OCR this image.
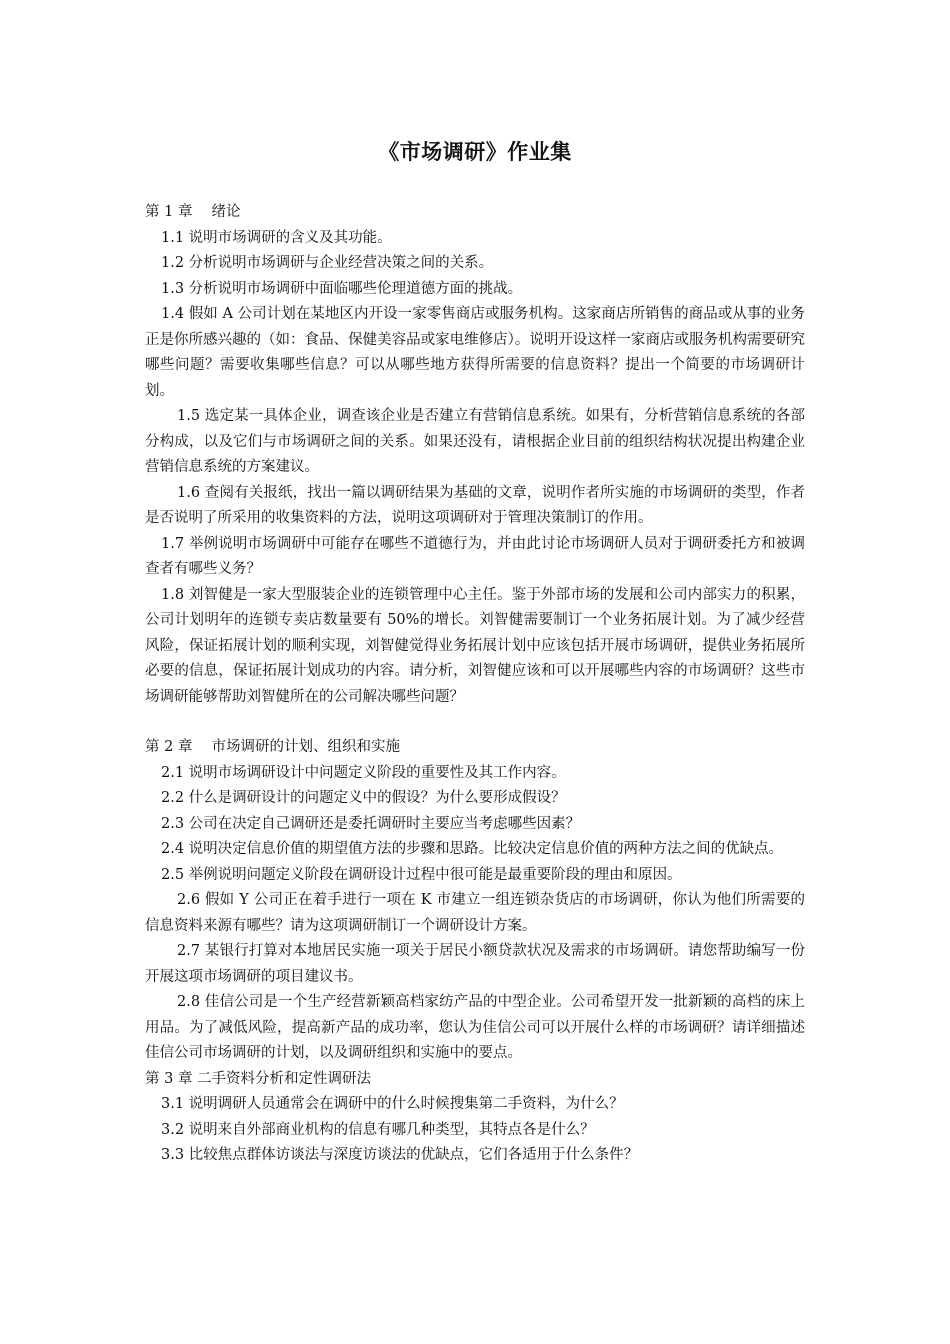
《市场调研》作业集

第 1 章　 绪论

1.1 说明市场调研的含义及其功能。

1.2 分析说明市场调研与企业经营决策之间的关系。

1.3 分析说明市场调研中面临哪些伦理道德方面的挑战。

1.4 假如 A 公司计划在某地区内开设一家零售商店或服务机构。这家商店所销售的商品或从事的业务正是你所感兴趣的（如：食品、保健美容品或家电维修店）。说明开设这样一家商店或服务机构需要研究哪些问题？需要收集哪些信息？可以从哪些地方获得所需要的信息资料？提出一个简要的市场调研计划。

1.5 选定某一具体企业，调查该企业是否建立有营销信息系统。如果有，分析营销信息系统的各部分构成，以及它们与市场调研之间的关系。如果还没有，请根据企业目前的组织结构状况提出构建企业营销信息系统的方案建议。

1.6 查阅有关报纸，找出一篇以调研结果为基础的文章，说明作者所实施的市场调研的类型，作者是否说明了所采用的收集资料的方法，说明这项调研对于管理决策制订的作用。

1.7 举例说明市场调研中可能存在哪些不道德行为，并由此讨论市场调研人员对于调研委托方和被调查者有哪些义务？

1.8 刘智健是一家大型服装企业的连锁管理中心主任。鉴于外部市场的发展和公司内部实力的积累，公司计划明年的连锁专卖店数量要有 50%的增长。刘智健需要制订一个业务拓展计划。为了减少经营风险，保证拓展计划的顺利实现，刘智健觉得业务拓展计划中应该包括开展市场调研，提供业务拓展所必要的信息，保证拓展计划成功的内容。请分析，刘智健应该和可以开展哪些内容的市场调研？这些市场调研能够帮助刘智健所在的公司解决哪些问题？

第 2 章　 市场调研的计划、组织和实施

2.1 说明市场调研设计中问题定义阶段的重要性及其工作内容。

2.2 什么是调研设计的问题定义中的假设？为什么要形成假设？

2.3 公司在决定自己调研还是委托调研时主要应当考虑哪些因素？

2.4 说明决定信息价值的期望值方法的步骤和思路。比较决定信息价值的两种方法之间的优缺点。

2.5 举例说明问题定义阶段在调研设计过程中很可能是最重要阶段的理由和原因。

2.6 假如 Y 公司正在着手进行一项在 K 市建立一组连锁杂货店的市场调研，你认为他们所需要的信息资料来源有哪些？请为这项调研制订一个调研设计方案。

2.7 某银行打算对本地居民实施一项关于居民小额贷款状况及需求的市场调研。请您帮助编写一份开展这项市场调研的项目建议书。

2.8 佳信公司是一个生产经营新颖高档家纺产品的中型企业。公司希望开发一批新颖的高档的床上用品。为了减低风险，提高新产品的成功率，您认为佳信公司可以开展什么样的市场调研？请详细描述佳信公司市场调研的计划，以及调研组织和实施中的要点。

第 3 章 二手资料分析和定性调研法

3.1 说明调研人员通常会在调研中的什么时候搜集第二手资料，为什么？

3.2 说明来自外部商业机构的信息有哪几种类型，其特点各是什么？

3.3 比较焦点群体访谈法与深度访谈法的优缺点，它们各适用于什么条件？
